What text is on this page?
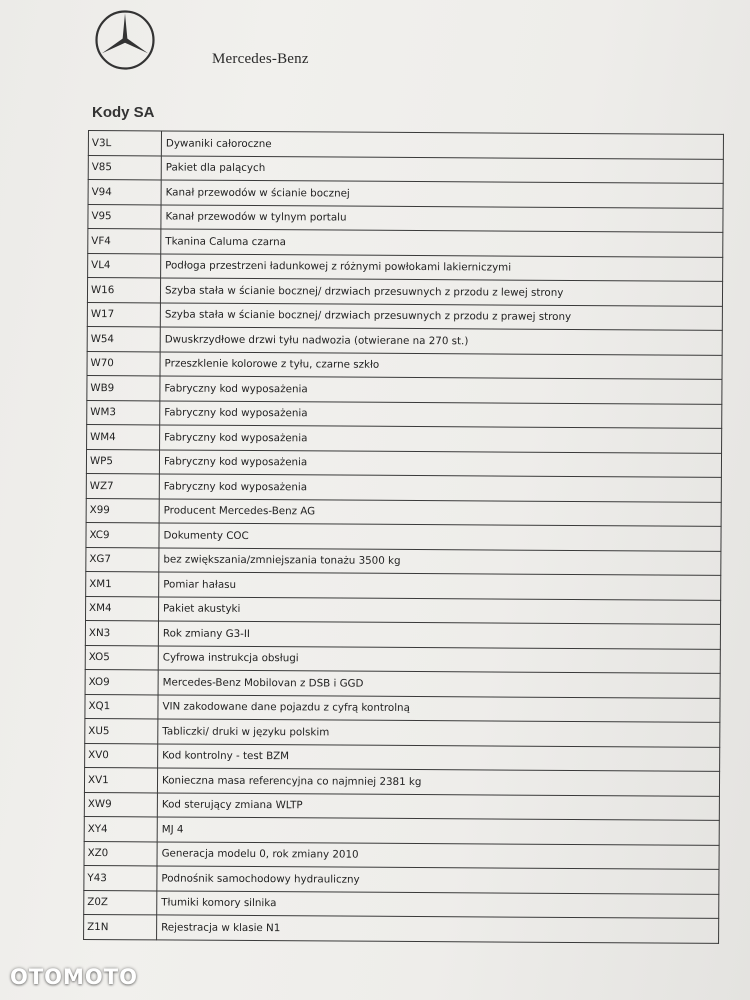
Mercedes-Benz
Kody SA
V3L	Dywaniki całoroczne
V85	Pakiet dla palących
V94	Kanał przewodów w ścianie bocznej
V95	Kanał przewodów w tylnym portalu
VF4	Tkanina Caluma czarna
VL4	Podłoga przestrzeni ładunkowej z różnymi powłokami lakierniczymi
W16	Szyba stała w ścianie bocznej/ drzwiach przesuwnych z przodu z lewej strony
W17	Szyba stała w ścianie bocznej/ drzwiach przesuwnych z przodu z prawej strony
W54	Dwuskrzydłowe drzwi tyłu nadwozia (otwierane na 270 st.)
W70	Przeszklenie kolorowe z tyłu, czarne szkło
WB9	Fabryczny kod wyposażenia
WM3	Fabryczny kod wyposażenia
WM4	Fabryczny kod wyposażenia
WP5	Fabryczny kod wyposażenia
WZ7	Fabryczny kod wyposażenia
X99	Producent Mercedes-Benz AG
XC9	Dokumenty COC
XG7	bez zwiększania/zmniejszania tonażu 3500 kg
XM1	Pomiar hałasu
XM4	Pakiet akustyki
XN3	Rok zmiany G3-II
XO5	Cyfrowa instrukcja obsługi
XO9	Mercedes-Benz Mobilovan z DSB i GGD
XQ1	VIN zakodowane dane pojazdu z cyfrą kontrolną
XU5	Tabliczki/ druki w języku polskim
XV0	Kod kontrolny - test BZM
XV1	Konieczna masa referencyjna co najmniej 2381 kg
XW9	Kod sterujący zmiana WLTP
XY4	MJ 4
XZ0	Generacja modelu 0, rok zmiany 2010
Y43	Podnośnik samochodowy hydrauliczny
Z0Z	Tłumiki komory silnika
Z1N	Rejestracja w klasie N1
OTOMOTO
